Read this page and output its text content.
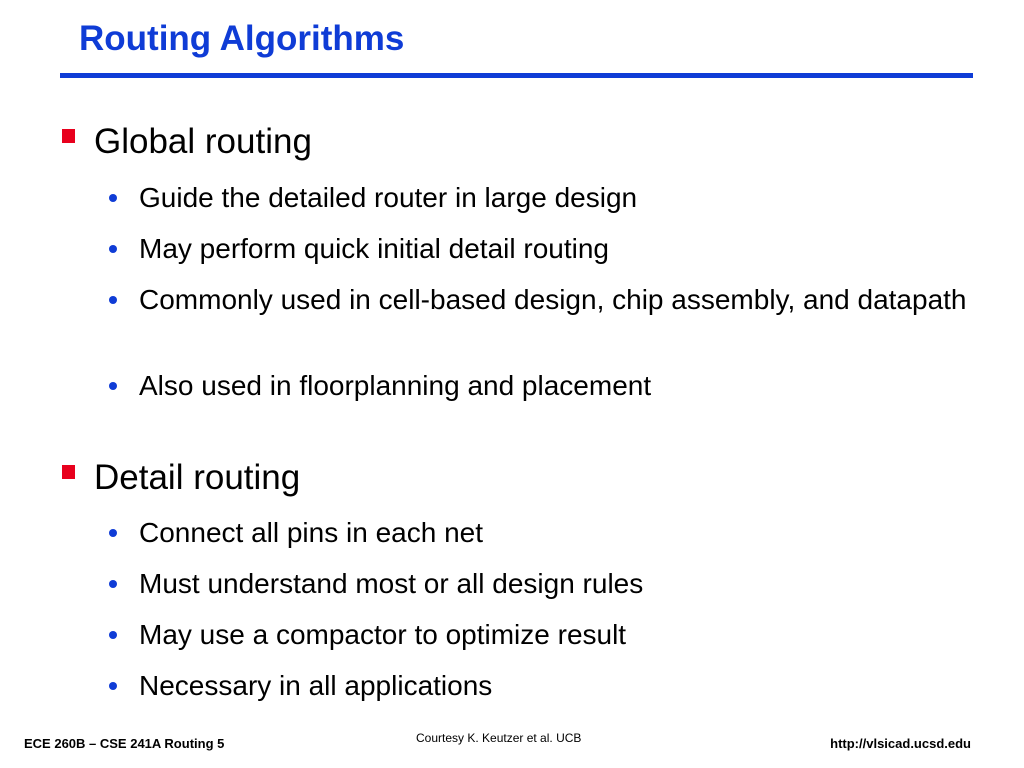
Routing Algorithms
Global routing
Guide the detailed router in large design
May perform quick initial detail routing
Commonly used in cell-based design, chip assembly, and datapath
Also used in floorplanning and placement
Detail routing
Connect all pins in each net
Must understand most or all design rules
May use a compactor to optimize result
Necessary in all applications
ECE 260B – CSE 241A Routing 5	Courtesy K. Keutzer et al. UCB	http://vlsicad.ucsd.edu
